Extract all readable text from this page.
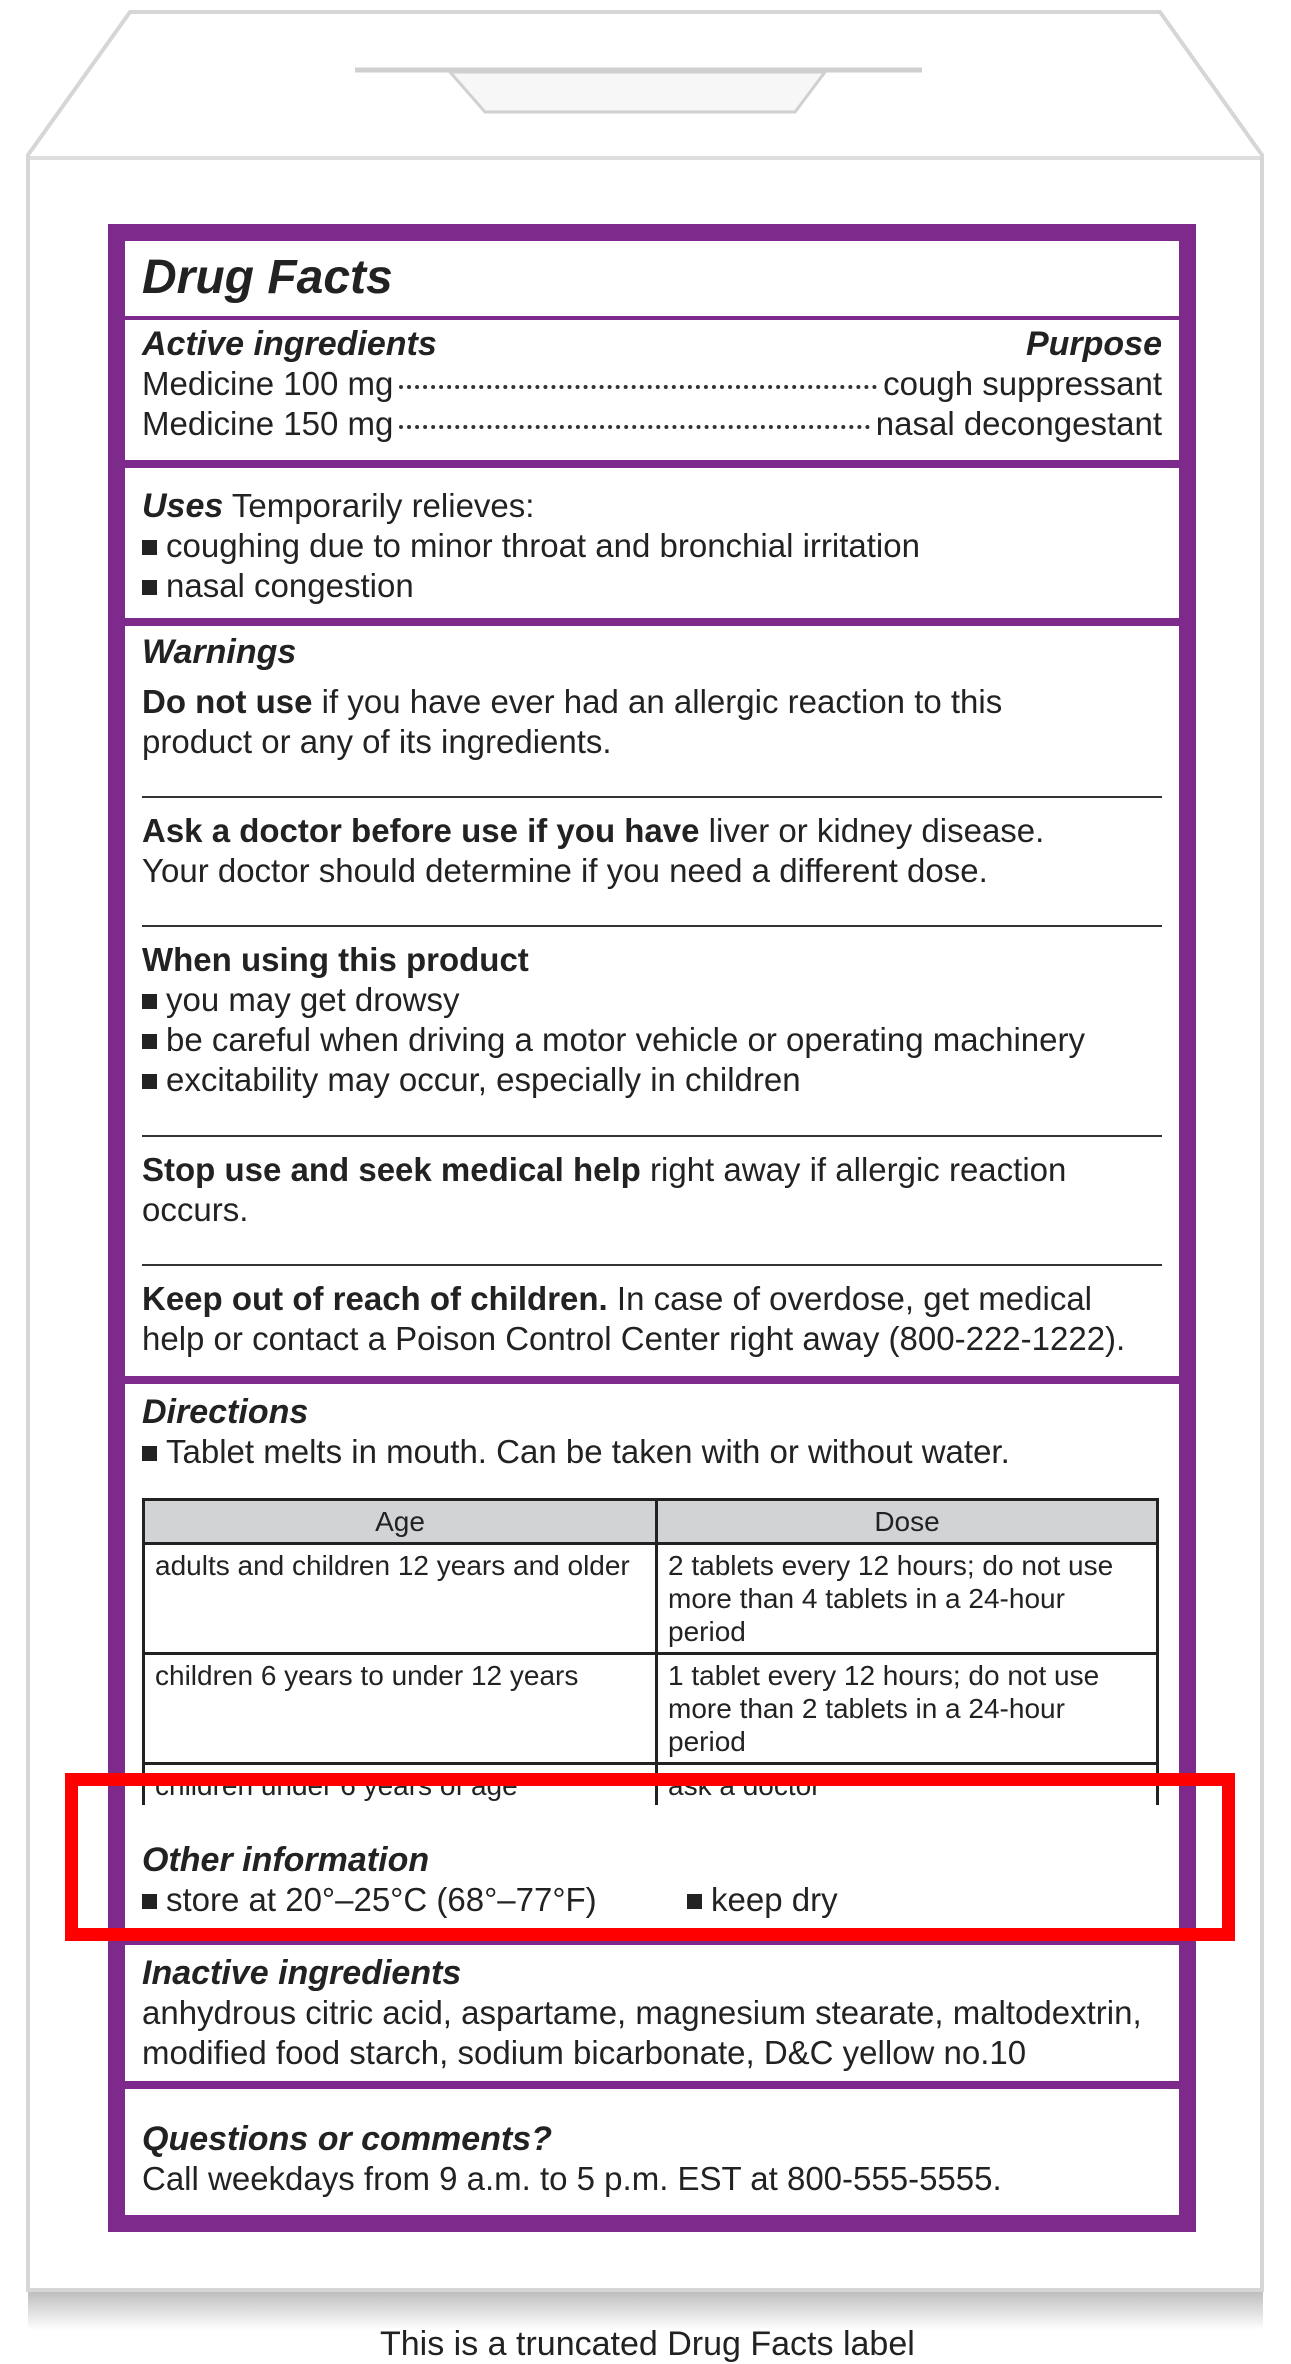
Drug Facts
Active ingredients	Purpose
Medicine 100 mg	cough suppressant
Medicine 150 mg	nasal decongestant
Uses Temporarily relieves:
coughing due to minor throat and bronchial irritation
nasal congestion
Warnings
Do not use if you have ever had an allergic reaction to this
product or any of its ingredients.
Ask a doctor before use if you have liver or kidney disease.
Your doctor should determine if you need a different dose.
When using this product
you may get drowsy
be careful when driving a motor vehicle or operating machinery
excitability may occur, especially in children
Stop use and seek medical help right away if allergic reaction
occurs.
Keep out of reach of children. In case of overdose, get medical
help or contact a Poison Control Center right away (800-222-1222).
Directions
Tablet melts in mouth. Can be taken with or without water.
Age	Dose
adults and children 12 years and older	2 tablets every 12 hours; do not use
more than 4 tablets in a 24-hour period

children 6 years to under 12 years	1 tablet every 12 hours; do not use
more than 2 tablets in a 24-hour period

children under 6 years of age	ask a doctor
Other information
store at 20°–25°C (68°–77°F)	keep dry
Inactive ingredients
anhydrous citric acid, aspartame, magnesium stearate, maltodextrin,
modified food starch, sodium bicarbonate, D&C yellow no.10
Questions or comments?
Call weekdays from 9 a.m. to 5 p.m. EST at 800-555-5555.
This is a truncated Drug Facts label
